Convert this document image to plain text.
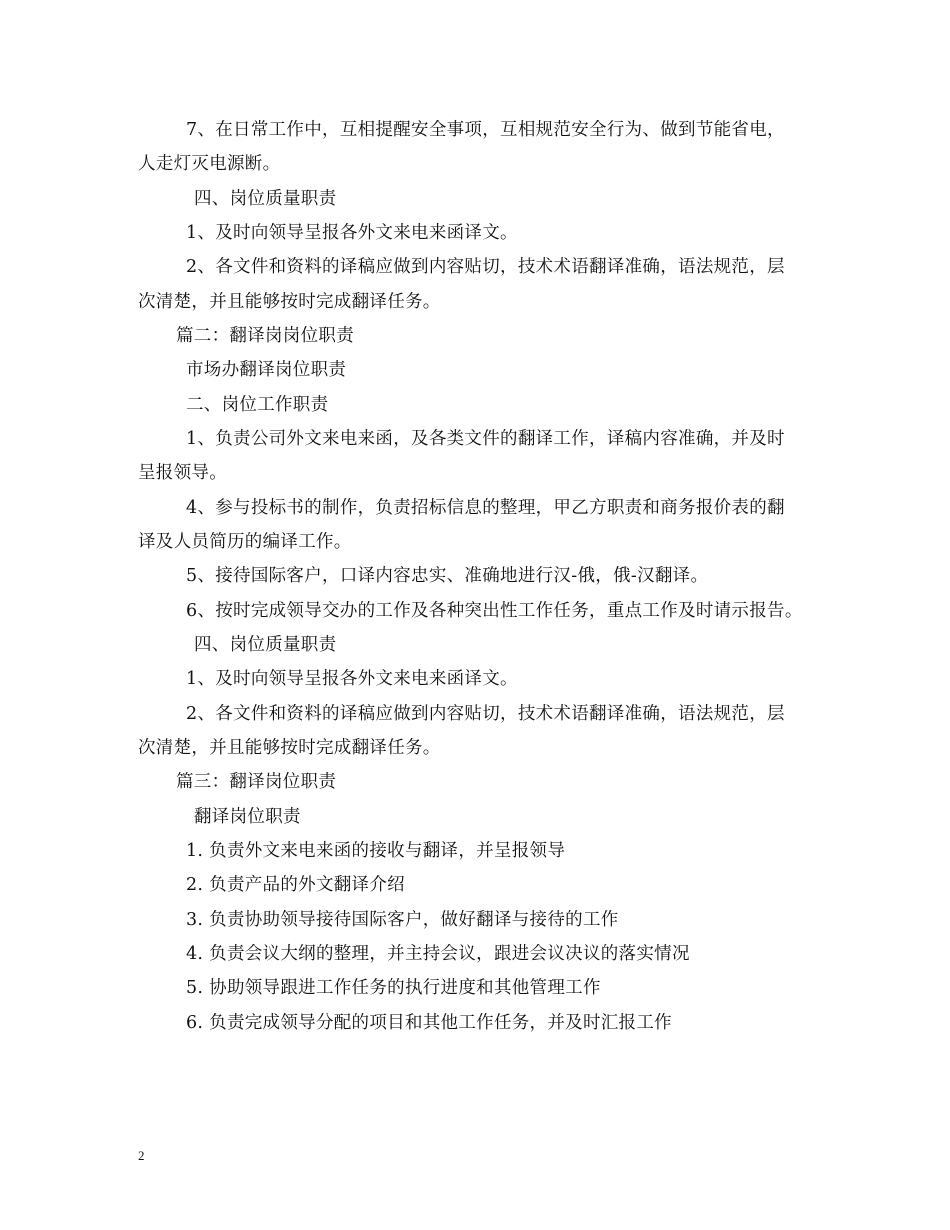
7、在日常工作中，互相提醒安全事项，互相规范安全行为、做到节能省电，
人走灯灭电源断。
四、岗位质量职责
1、及时向领导呈报各外文来电来函译文。
2、各文件和资料的译稿应做到内容贴切，技术术语翻译准确，语法规范，层
次清楚，并且能够按时完成翻译任务。
篇二：翻译岗岗位职责
市场办翻译岗位职责
二、岗位工作职责
1、负责公司外文来电来函，及各类文件的翻译工作，译稿内容准确，并及时
呈报领导。
4、参与投标书的制作，负责招标信息的整理，甲乙方职责和商务报价表的翻
译及人员简历的编译工作。
5、接待国际客户，口译内容忠实、准确地进行汉-俄，俄-汉翻译。
6、按时完成领导交办的工作及各种突出性工作任务，重点工作及时请示报告。
四、岗位质量职责
1、及时向领导呈报各外文来电来函译文。
2、各文件和资料的译稿应做到内容贴切，技术术语翻译准确，语法规范，层
次清楚，并且能够按时完成翻译任务。
篇三：翻译岗位职责
翻译岗位职责
1. 负责外文来电来函的接收与翻译，并呈报领导
2. 负责产品的外文翻译介绍
3. 负责协助领导接待国际客户，做好翻译与接待的工作
4. 负责会议大纲的整理，并主持会议，跟进会议决议的落实情况
5. 协助领导跟进工作任务的执行进度和其他管理工作
6. 负责完成领导分配的项目和其他工作任务，并及时汇报工作
2
